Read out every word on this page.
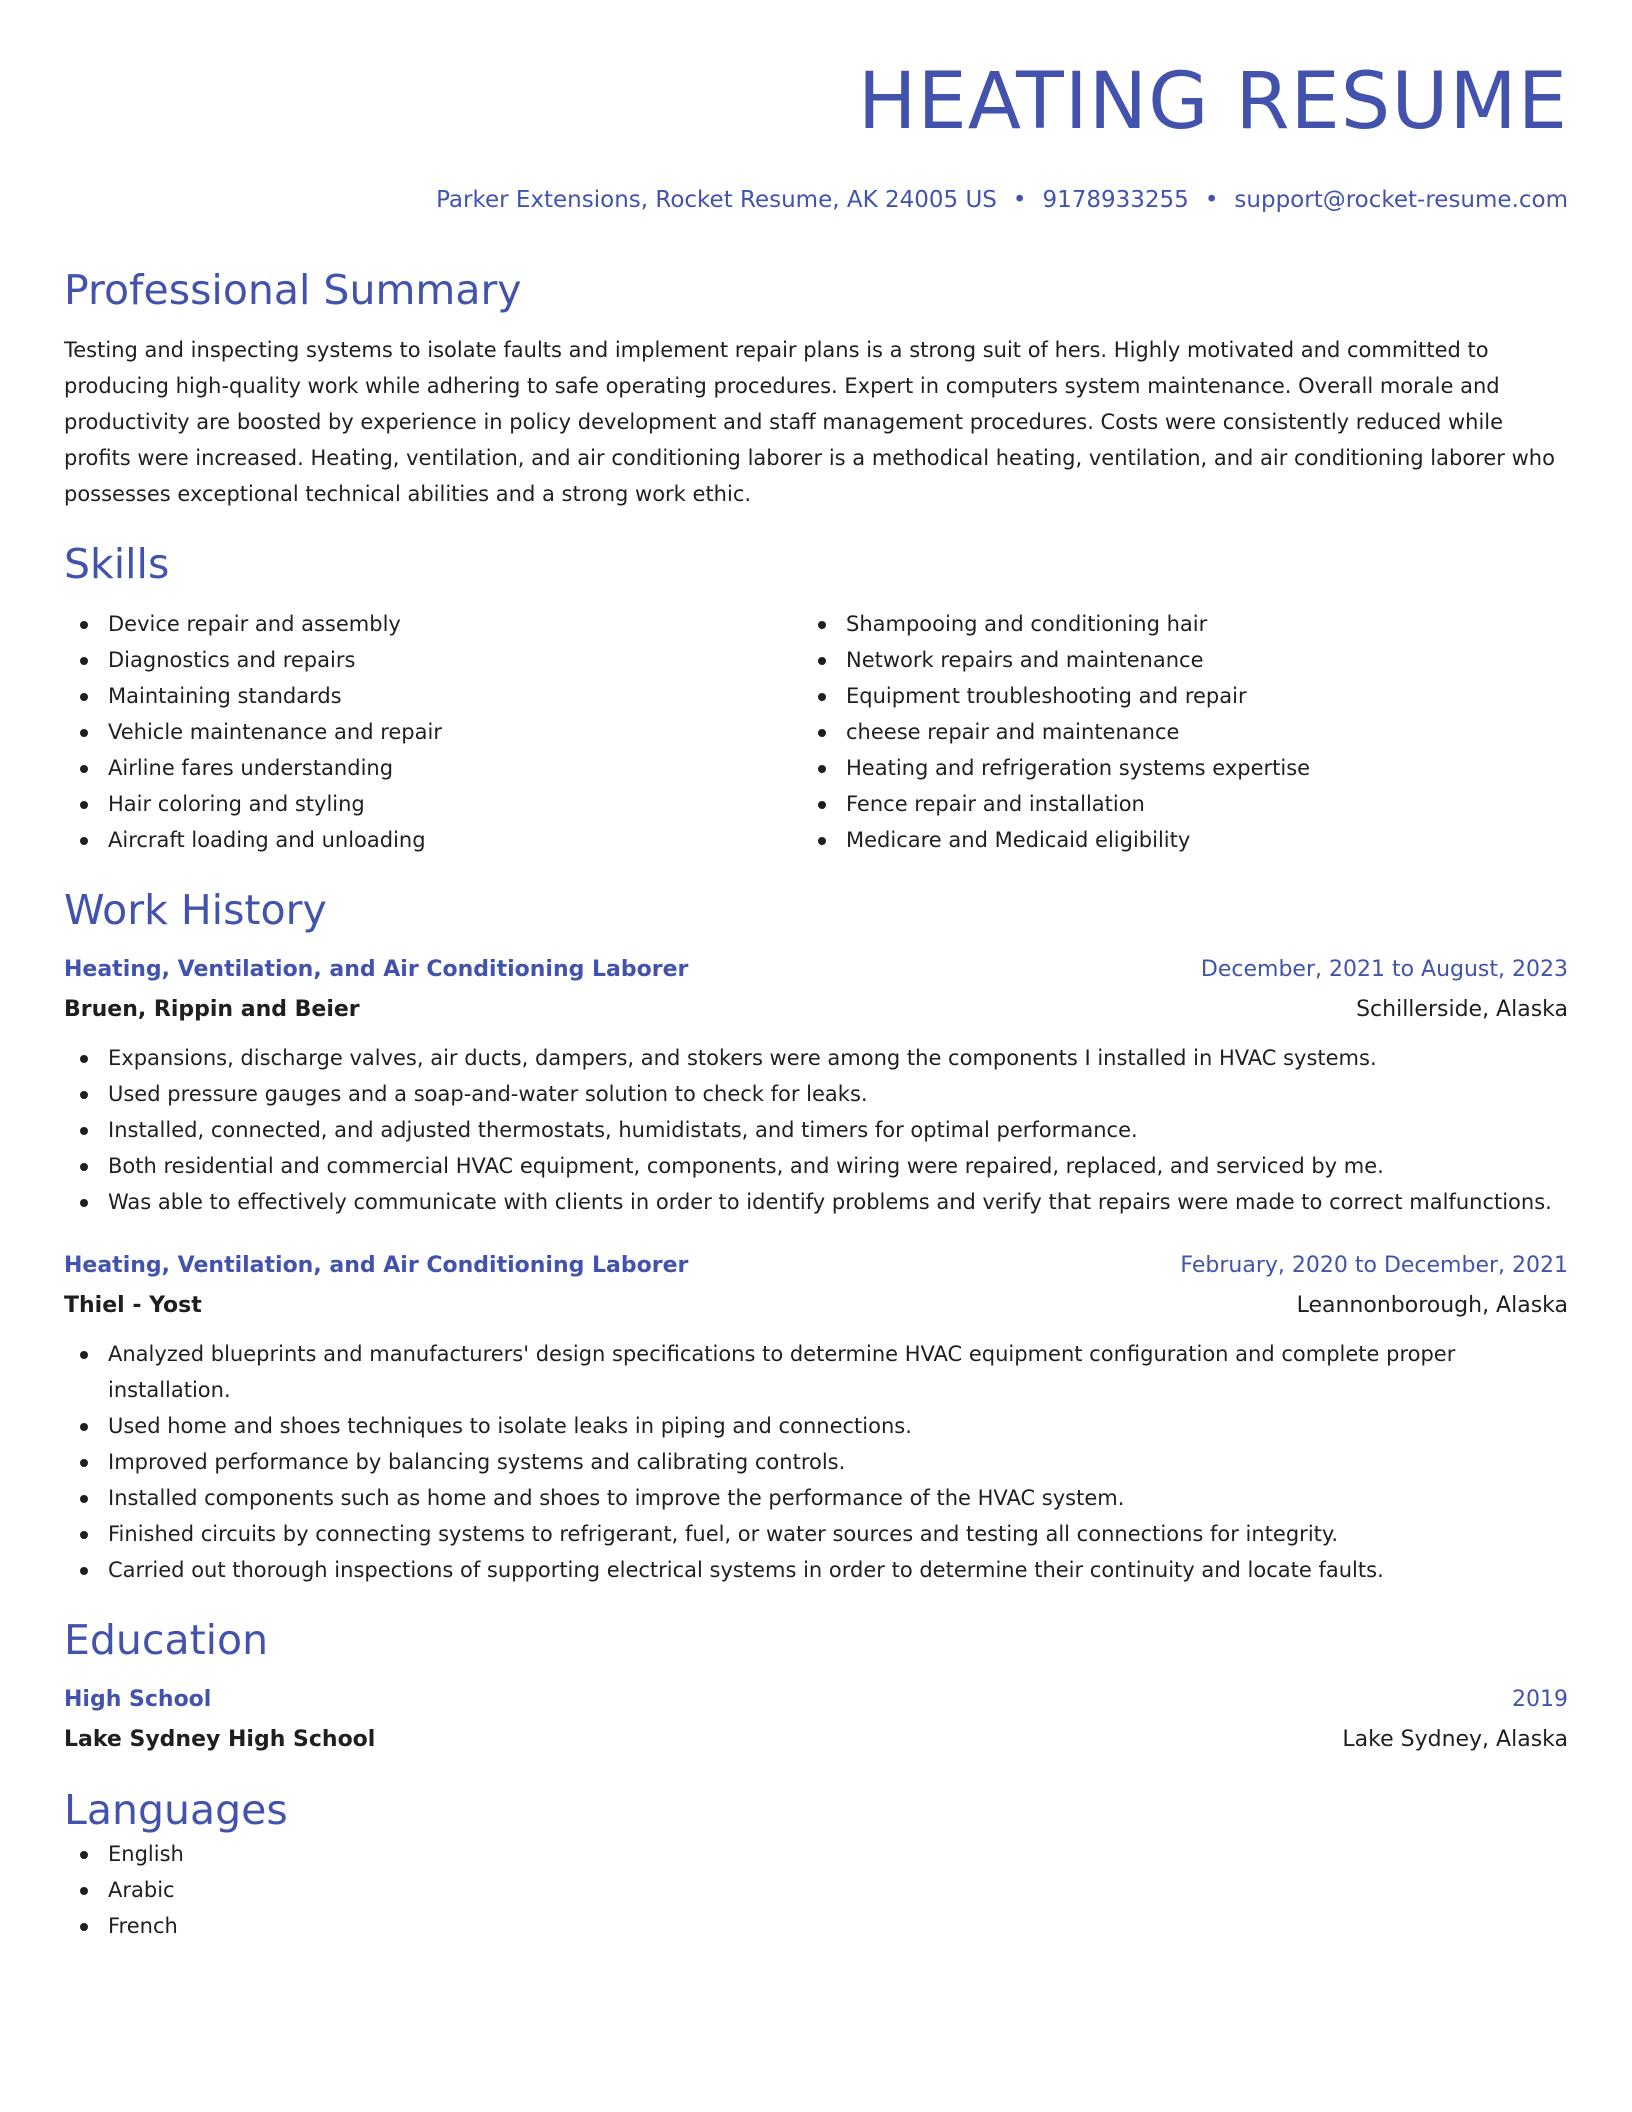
HEATING RESUME
Parker Extensions, Rocket Resume, AK 24005 US • 9178933255 • support@rocket-resume.com
Professional Summary

Testing and inspecting systems to isolate faults and implement repair plans is a strong suit of hers. Highly motivated and committed to producing high-quality work while adhering to safe operating procedures. Expert in computers system maintenance. Overall morale and productivity are boosted by experience in policy development and staff management procedures. Costs were consistently reduced while profits were increased. Heating, ventilation, and air conditioning laborer is a methodical heating, ventilation, and air conditioning laborer who possesses exceptional technical abilities and a strong work ethic.

Skills
Device repair and assembly
Diagnostics and repairs
Maintaining standards
Vehicle maintenance and repair
Airline fares understanding
Hair coloring and styling
Aircraft loading and unloading
Shampooing and conditioning hair
Network repairs and maintenance
Equipment troubleshooting and repair
cheese repair and maintenance
Heating and refrigeration systems expertise
Fence repair and installation
Medicare and Medicaid eligibility
Work History
Heating, Ventilation, and Air Conditioning Laborer	December, 2021 to August, 2023
Bruen, Rippin and Beier	Schillerside, Alaska
Expansions, discharge valves, air ducts, dampers, and stokers were among the components I installed in HVAC systems.
Used pressure gauges and a soap-and-water solution to check for leaks.
Installed, connected, and adjusted thermostats, humidistats, and timers for optimal performance.
Both residential and commercial HVAC equipment, components, and wiring were repaired, replaced, and serviced by me.
Was able to effectively communicate with clients in order to identify problems and verify that repairs were made to correct malfunctions.
Heating, Ventilation, and Air Conditioning Laborer	February, 2020 to December, 2021
Thiel - Yost	Leannonborough, Alaska
Analyzed blueprints and manufacturers' design specifications to determine HVAC equipment configuration and complete proper installation.
Used home and shoes techniques to isolate leaks in piping and connections.
Improved performance by balancing systems and calibrating controls.
Installed components such as home and shoes to improve the performance of the HVAC system.
Finished circuits by connecting systems to refrigerant, fuel, or water sources and testing all connections for integrity.
Carried out thorough inspections of supporting electrical systems in order to determine their continuity and locate faults.
Education
High School	2019
Lake Sydney High School	Lake Sydney, Alaska
Languages
English
Arabic
French
